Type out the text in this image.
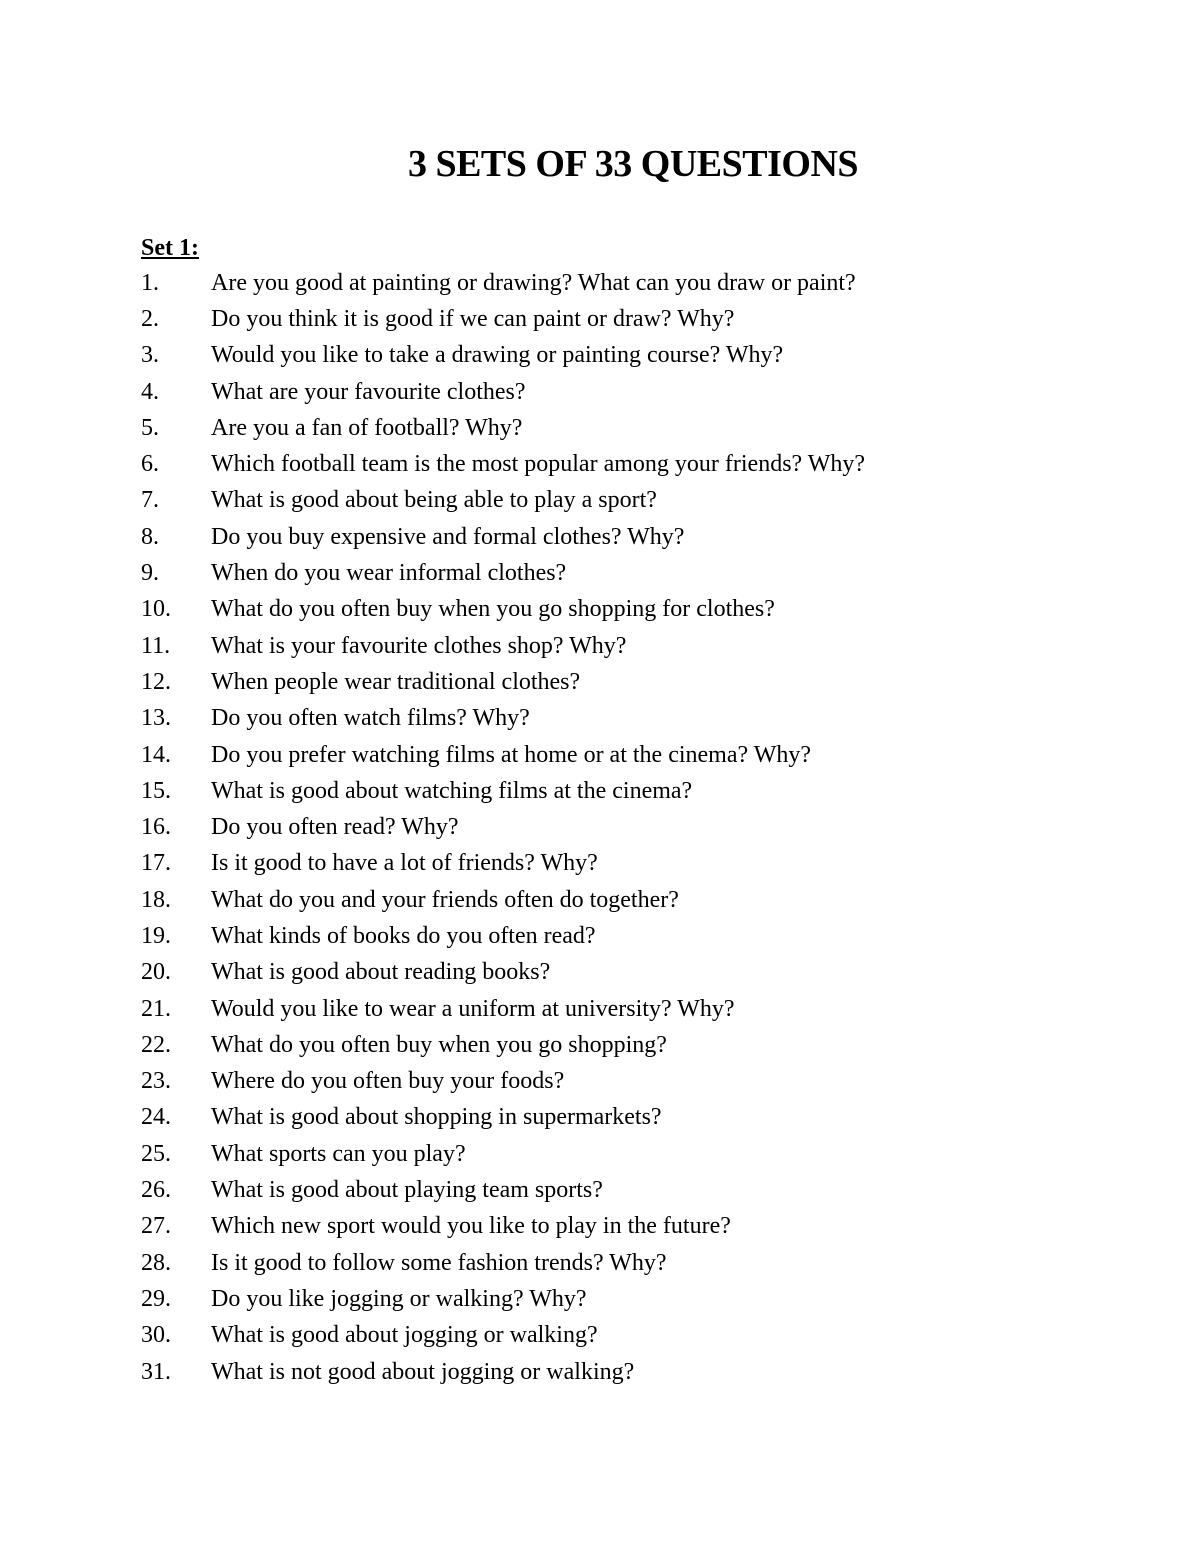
3 SETS OF 33 QUESTIONS
Set 1:
1.	Are you good at painting or drawing? What can you draw or paint?
2.	Do you think it is good if we can paint or draw? Why?
3.	Would you like to take a drawing or painting course? Why?
4.	What are your favourite clothes?
5.	Are you a fan of football? Why?
6.	Which football team is the most popular among your friends? Why?
7.	What is good about being able to play a sport?
8.	Do you buy expensive and formal clothes? Why?
9.	When do you wear informal clothes?
10.	What do you often buy when you go shopping for clothes?
11.	What is your favourite clothes shop? Why?
12.	When people wear traditional clothes?
13.	Do you often watch films? Why?
14.	Do you prefer watching films at home or at the cinema? Why?
15.	What is good about watching films at the cinema?
16.	Do you often read? Why?
17.	Is it good to have a lot of friends? Why?
18.	What do you and your friends often do together?
19.	What kinds of books do you often read?
20.	What is good about reading books?
21.	Would you like to wear a uniform at university? Why?
22.	What do you often buy when you go shopping?
23.	Where do you often buy your foods?
24.	What is good about shopping in supermarkets?
25.	What sports can you play?
26.	What is good about playing team sports?
27.	Which new sport would you like to play in the future?
28.	Is it good to follow some fashion trends? Why?
29.	Do you like jogging or walking? Why?
30.	What is good about jogging or walking?
31.	What is not good about jogging or walking?
